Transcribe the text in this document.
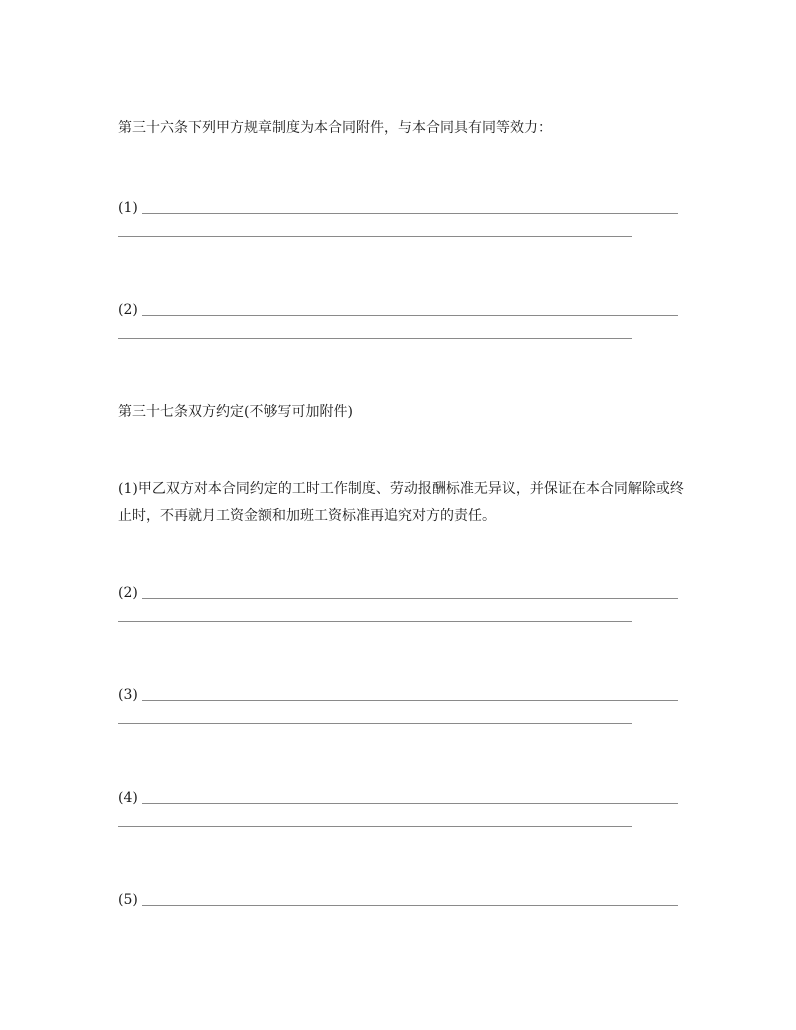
第三十六条下列甲方规章制度为本合同附件，与本合同具有同等效力：
(1)
(2)
第三十七条双方约定(不够写可加附件)
(1)甲乙双方对本合同约定的工时工作制度、劳动报酬标准无异议，并保证在本合同解除或终止时，不再就月工资金额和加班工资标准再追究对方的责任。
(2)
(3)
(4)
(5)
